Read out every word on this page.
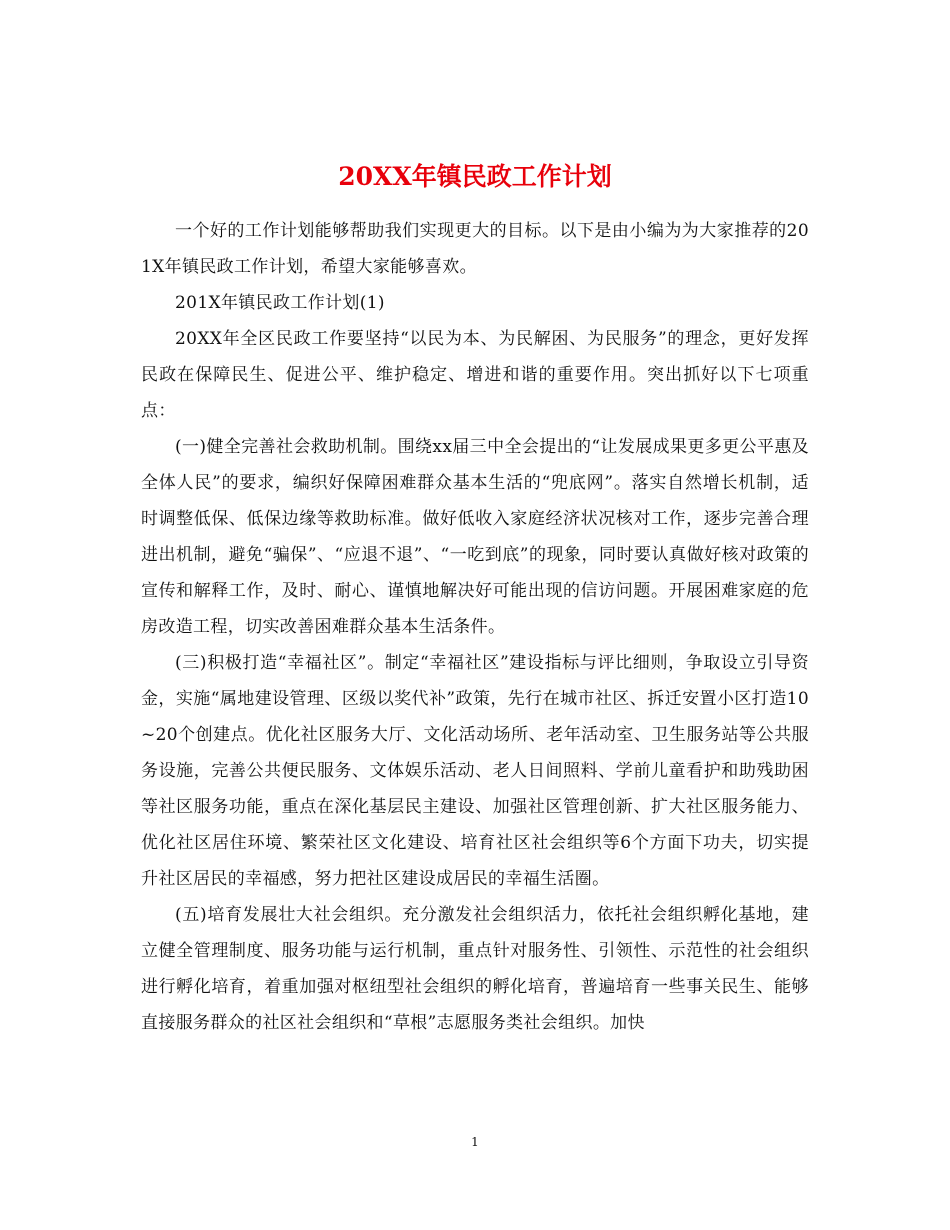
20XX年镇民政工作计划

一个好的工作计划能够帮助我们实现更大的目标。以下是由小编为为大家推荐的201X年镇民政工作计划，希望大家能够喜欢。

201X年镇民政工作计划(1)

20XX年全区民政工作要坚持“以民为本、为民解困、为民服务”的理念，更好发挥民政在保障民生、促进公平、维护稳定、增进和谐的重要作用。突出抓好以下七项重点：

(一)健全完善社会救助机制。围绕xx届三中全会提出的“让发展成果更多更公平惠及全体人民”的要求，编织好保障困难群众基本生活的“兜底网”。落实自然增长机制，适时调整低保、低保边缘等救助标准。做好低收入家庭经济状况核对工作，逐步完善合理进出机制，避免“骗保”、“应退不退”、“一吃到底”的现象，同时要认真做好核对政策的宣传和解释工作，及时、耐心、谨慎地解决好可能出现的信访问题。开展困难家庭的危房改造工程，切实改善困难群众基本生活条件。

(三)积极打造“幸福社区”。制定“幸福社区”建设指标与评比细则，争取设立引导资金，实施“属地建设管理、区级以奖代补”政策，先行在城市社区、拆迁安置小区打造10~20个创建点。优化社区服务大厅、文化活动场所、老年活动室、卫生服务站等公共服务设施，完善公共便民服务、文体娱乐活动、老人日间照料、学前儿童看护和助残助困等社区服务功能，重点在深化基层民主建设、加强社区管理创新、扩大社区服务能力、优化社区居住环境、繁荣社区文化建设、培育社区社会组织等6个方面下功夫，切实提升社区居民的幸福感，努力把社区建设成居民的幸福生活圈。

(五)培育发展壮大社会组织。充分激发社会组织活力，依托社会组织孵化基地，建立健全管理制度、服务功能与运行机制，重点针对服务性、引领性、示范性的社会组织进行孵化培育，着重加强对枢纽型社会组织的孵化培育，普遍培育一些事关民生、能够直接服务群众的社区社会组织和“草根”志愿服务类社会组织。加快

1
